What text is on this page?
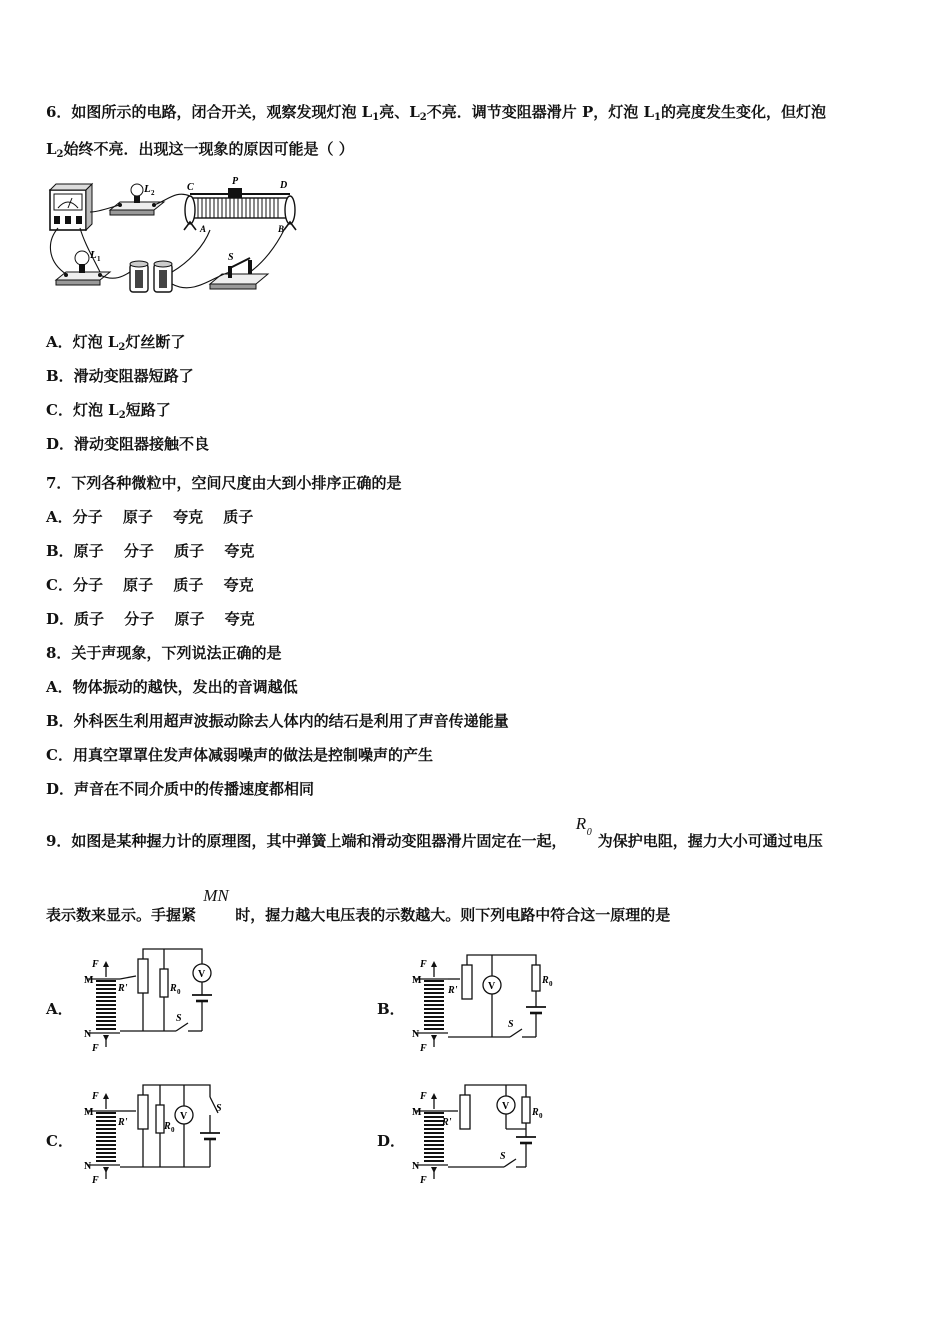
6．如图所示的电路，闭合开关，观察发现灯泡 $L_1$亮、$L_2$不亮．调节变阻器滑片 P，灯泡 $L_1$的亮度发生变化，但灯泡
$L_2$始终不亮．出现这一现象的原因可能是（ ）
L 2	C
P	D
A	B
L 1	S
A．灯泡 $L_2$灯丝断了
B．滑动变阻器短路了
C．灯泡 $L_2$短路了
D．滑动变阻器接触不良
7．下列各种微粒中，空间尺度由大到小排序正确的是
A．分子　 原子　 夸克　 质子
B．原子　 分子　 质子　 夸克
C．分子　 原子　 质子　 夸克
D．质子　 分子　 原子　 夸克
8．关于声现象，下列说法正确的是
A．物体振动的越快，发出的音调越低
B．外科医生利用超声波振动除去人体内的结石是利用了声音传递能量
C．用真空罩罩住发声体减弱噪声的做法是控制噪声的产生
D．声音在不同介质中的传播速度都相同
9．如图是某种握力计的原理图，其中弹簧上端和滑动变阻器滑片固定在一起，
R 0 为保护电阻，握力大小可通过电压
表示数来显示。手握紧
MN
时，握力越大电压表的示数越大。则下列电路中符合这一原理的是
A．	B．
C．	D．
F
M
N
F
R'	R 0
V
S
F
M
N
F
R'
R 0
V
S
F
M
N
F
R'	R 0
V
S
F
M
N
F
R'
R 0
V
S
